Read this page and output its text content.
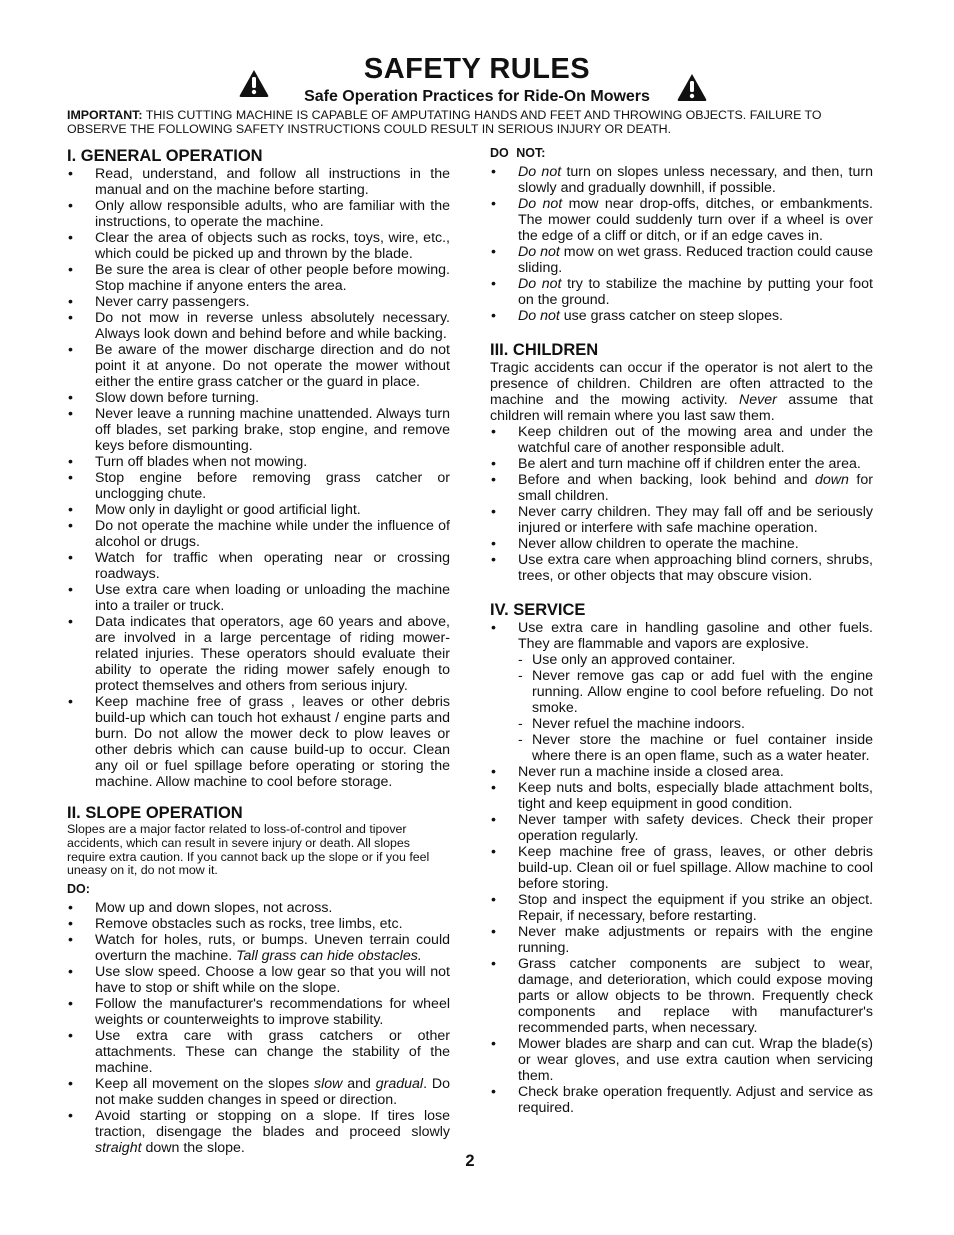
SAFETY RULES
Safe Operation Practices for Ride-On Mowers

IMPORTANT: THIS CUTTING MACHINE IS CAPABLE OF AMPUTATING HANDS AND FEET AND THROWING OBJECTS. FAILURE TO OBSERVE THE FOLLOWING SAFETY INSTRUCTIONS COULD RESULT IN SERIOUS INJURY OR DEATH.

I. GENERAL OPERATION
• Read, understand, and follow all instructions in the manual and on the machine before starting.
• Only allow responsible adults, who are familiar with the instructions, to operate the machine.
• Clear the area of objects such as rocks, toys, wire, etc., which could be picked up and thrown by the blade.
• Be sure the area is clear of other people before mowing. Stop machine if anyone enters the area.
• Never carry passengers.
• Do not mow in reverse unless absolutely necessary. Always look down and behind before and while backing.
• Be aware of the mower discharge direction and do not point it at anyone. Do not operate the mower without either the entire grass catcher or the guard in place.
• Slow down before turning.
• Never leave a running machine unattended. Always turn off blades, set parking brake, stop engine, and remove keys before dismounting.
• Turn off blades when not mowing.
• Stop engine before removing grass catcher or unclogging chute.
• Mow only in daylight or good artificial light.
• Do not operate the machine while under the influence of alcohol or drugs.
• Watch for traffic when operating near or crossing roadways.
• Use extra care when loading or unloading the machine into a trailer or truck.
• Data indicates that operators, age 60 years and above, are involved in a large percentage of riding mower-related injuries. These operators should evaluate their ability to operate the riding mower safely enough to protect themselves and others from serious injury.
• Keep machine free of grass , leaves or other debris build-up which can touch hot exhaust / engine parts and burn. Do not allow the mower deck to plow leaves or other debris which can cause build-up to occur. Clean any oil or fuel spillage before operating or storing the machine. Allow machine to cool before storage.
II. SLOPE OPERATION

Slopes are a major factor related to loss-of-control and tipover accidents, which can result in severe injury or death. All slopes require extra caution. If you cannot back up the slope or if you feel uneasy on it, do not mow it.

DO:
• Mow up and down slopes, not across.
• Remove obstacles such as rocks, tree limbs, etc.
• Watch for holes, ruts, or bumps. Uneven terrain could overturn the machine. Tall grass can hide obstacles.
• Use slow speed. Choose a low gear so that you will not have to stop or shift while on the slope.
• Follow the manufacturer's recommendations for wheel weights or counterweights to improve stability.
• Use extra care with grass catchers or other attachments. These can change the stability of the machine.
• Keep all movement on the slopes slow and gradual. Do not make sudden changes in speed or direction.
• Avoid starting or stopping on a slope. If tires lose traction, disengage the blades and proceed slowly straight down the slope.
DO NOT:
• Do not turn on slopes unless necessary, and then, turn slowly and gradually downhill, if possible.
• Do not mow near drop-offs, ditches, or embankments. The mower could suddenly turn over if a wheel is over the edge of a cliff or ditch, or if an edge caves in.
• Do not mow on wet grass. Reduced traction could cause sliding.
• Do not try to stabilize the machine by putting your foot on the ground.
• Do not use grass catcher on steep slopes.
III. CHILDREN

Tragic accidents can occur if the operator is not alert to the presence of children. Children are often attracted to the machine and the mowing activity. Never assume that children will remain where you last saw them.

• Keep children out of the mowing area and under the watchful care of another responsible adult.
• Be alert and turn machine off if children enter the area.
• Before and when backing, look behind and down for small children.
• Never carry children. They may fall off and be seriously injured or interfere with safe machine operation.
• Never allow children to operate the machine.
• Use extra care when approaching blind corners, shrubs, trees, or other objects that may obscure vision.
IV. SERVICE
• Use extra care in handling gasoline and other fuels. They are flammable and vapors are explosive.
- Use only an approved container.
- Never remove gas cap or add fuel with the engine running. Allow engine to cool before refueling. Do not smoke.
- Never refuel the machine indoors.
- Never store the machine or fuel container inside where there is an open flame, such as a water heater.
• Never run a machine inside a closed area.
• Keep nuts and bolts, especially blade attachment bolts, tight and keep equipment in good condition.
• Never tamper with safety devices. Check their proper operation regularly.
• Keep machine free of grass, leaves, or other debris build-up. Clean oil or fuel spillage. Allow machine to cool before storing.
• Stop and inspect the equipment if you strike an object. Repair, if necessary, before restarting.
• Never make adjustments or repairs with the engine running.
• Grass catcher components are subject to wear, damage, and deterioration, which could expose moving parts or allow objects to be thrown. Frequently check components and replace with manufacturer's recommended parts, when necessary.
• Mower blades are sharp and can cut. Wrap the blade(s) or wear gloves, and use extra caution when servicing them.
• Check brake operation frequently. Adjust and service as required.
2
